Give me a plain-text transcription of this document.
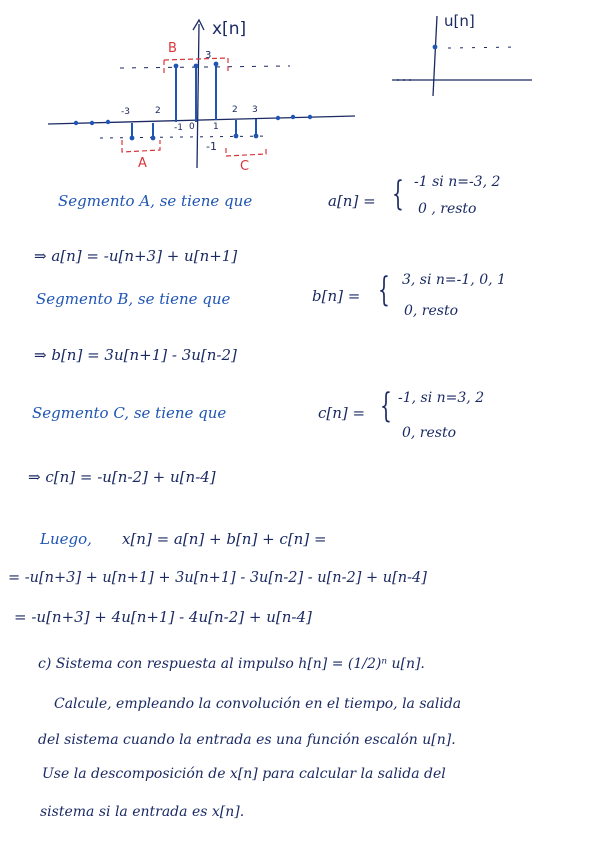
x[n]
-3	2
-1 0 1
2 3
3
-1
B
A	C
u[n]
Segmento A, se tiene que	a[n] = { -1 si n=-3, 2
0 , resto
⇒ a[n] = -u[n+3] + u[n+1]
Segmento B, se tiene que	b[n] = { 3, si n=-1, 0, 1
0, resto
⇒ b[n] = 3u[n+1] - 3u[n-2]
Segmento C, se tiene que	c[n] = { -1, si n=3, 2
0, resto
⇒ c[n] = -u[n-2] + u[n-4]
Luego, x[n] = a[n] + b[n] + c[n] =
= -u[n+3] + u[n+1] + 3u[n+1] - 3u[n-2] - u[n-2] + u[n-4]
= -u[n+3] + 4u[n+1] - 4u[n-2] + u[n-4]
c) Sistema con respuesta al impulso h[n] = (1/2)ⁿ u[n].
Calcule, empleando la convolución en el tiempo, la salida
del sistema cuando la entrada es una función escalón u[n].
Use la descomposición de x[n] para calcular la salida del
sistema si la entrada es x[n].
